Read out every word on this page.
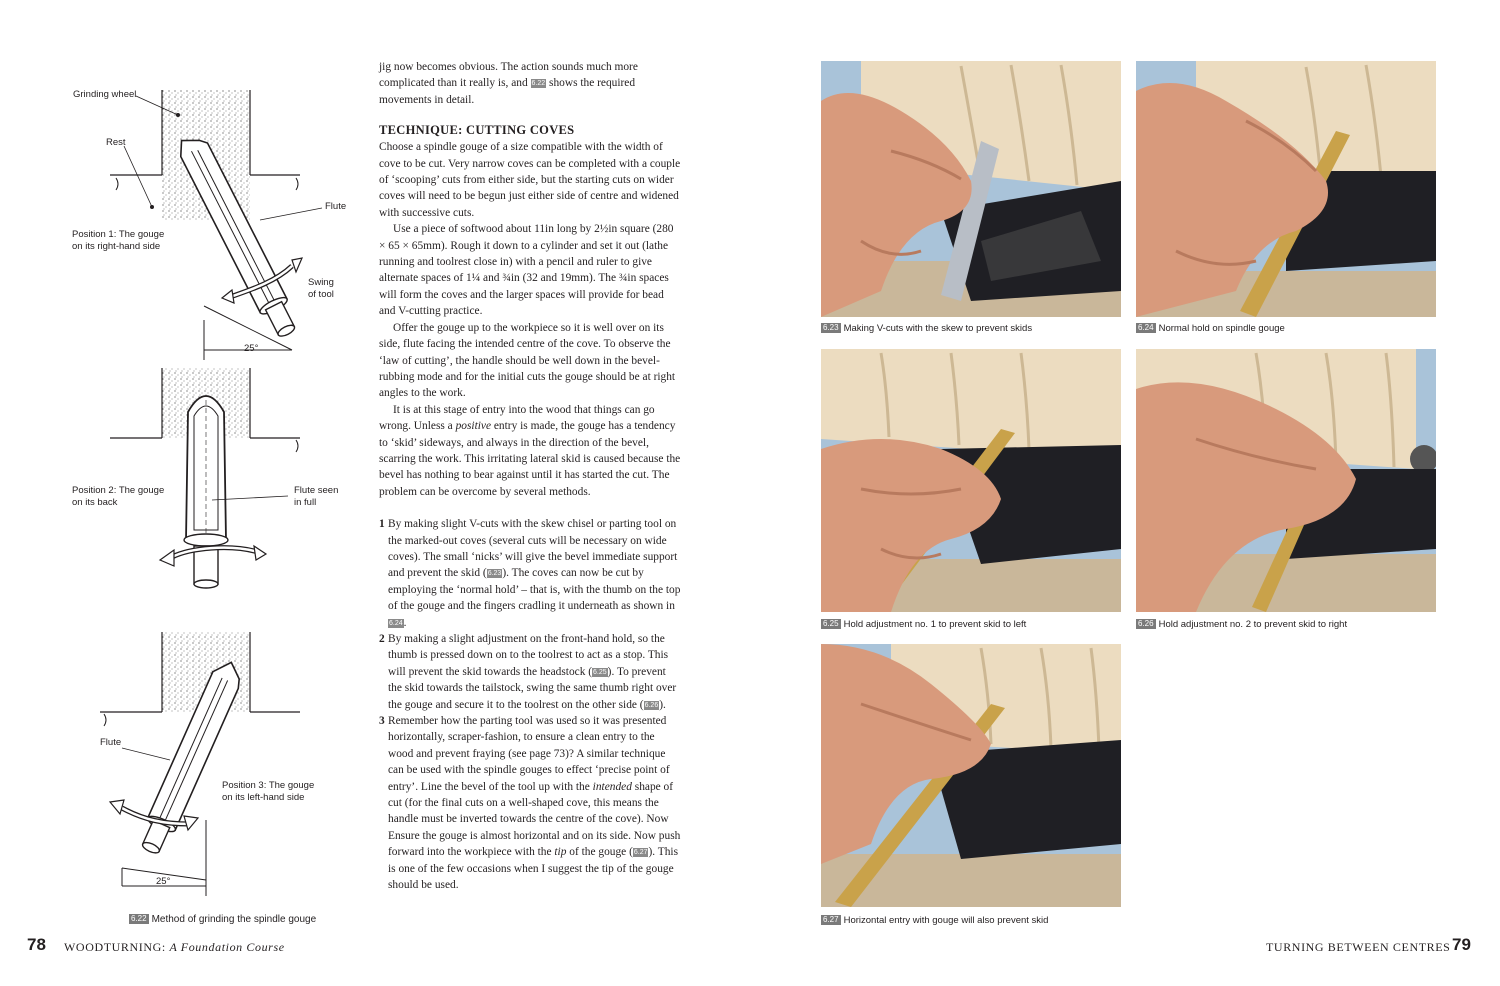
Grinding wheel
Rest
Flute
Position 1: The gouge
on its right-hand side
Swing
of tool
25°
Position 2: The gouge
on its back
Flute seen
in full
Flute
Position 3: The gouge
on its left-hand side
25°
6.22 Method of grinding the spindle gouge

jig now becomes obvious. The action sounds much more complicated than it really is, and 6.22 shows the required movements in detail.

TECHNIQUE: CUTTING COVES

Choose a spindle gouge of a size compatible with the width of cove to be cut. Very narrow coves can be completed with a couple of ‘scooping’ cuts from either side, but the starting cuts on wider coves will need to be begun just either side of centre and widened with successive cuts.

Use a piece of softwood about 11in long by 2½in square (280 × 65 × 65mm). Rough it down to a cylinder and set it out (lathe running and toolrest close in) with a pencil and ruler to give alternate spaces of 1¼ and ¾in (32 and 19mm). The ¾in spaces will form the coves and the larger spaces will provide for bead and V-cutting practice.

Offer the gouge up to the workpiece so it is well over on its side, flute facing the intended centre of the cove. To observe the ‘law of cutting’, the handle should be well down in the bevel-rubbing mode and for the initial cuts the gouge should be at right angles to the work.

It is at this stage of entry into the wood that things can go wrong. Unless a positive entry is made, the gouge has a tendency to ‘skid’ sideways, and always in the direction of the bevel, scarring the work. This irritating lateral skid is caused because the bevel has nothing to bear against until it has started the cut. The problem can be overcome by several methods.

1 By making slight V-cuts with the skew chisel or parting tool on the marked-out coves (several cuts will be necessary on wide coves). The small ‘nicks’ will give the bevel immediate support and prevent the skid (6.23). The coves can now be cut by employing the ‘normal hold’ – that is, with the thumb on the top of the gouge and the fingers cradling it underneath as shown in 6.24.
2 By making a slight adjustment on the front-hand hold, so the thumb is pressed down on to the toolrest to act as a stop. This will prevent the skid towards the headstock (6.25). To prevent the skid towards the tailstock, swing the same thumb right over the gouge and secure it to the toolrest on the other side (6.26).
3 Remember how the parting tool was used so it was presented horizontally, scraper-fashion, to ensure a clean entry to the wood and prevent fraying (see page 73)? A similar technique can be used with the spindle gouges to effect ‘precise point of entry’. Line the bevel of the tool up with the intended shape of cut (for the final cuts on a well-shaped cove, this means the handle must be inverted towards the centre of the cove). Now Ensure the gouge is almost horizontal and on its side. Now push forward into the workpiece with the tip of the gouge (6.27). This is one of the few occasions when I suggest the tip of the gouge should be used.
78 WOODTURNING: A Foundation Course
6.23 Making V-cuts with the skew to prevent skids	6.24 Normal hold on spindle gouge
6.25 Hold adjustment no. 1 to prevent skid to left	6.26 Hold adjustment no. 2 to prevent skid to right
6.27 Horizontal entry with gouge will also prevent skid
TURNING BETWEEN CENTRES 79
